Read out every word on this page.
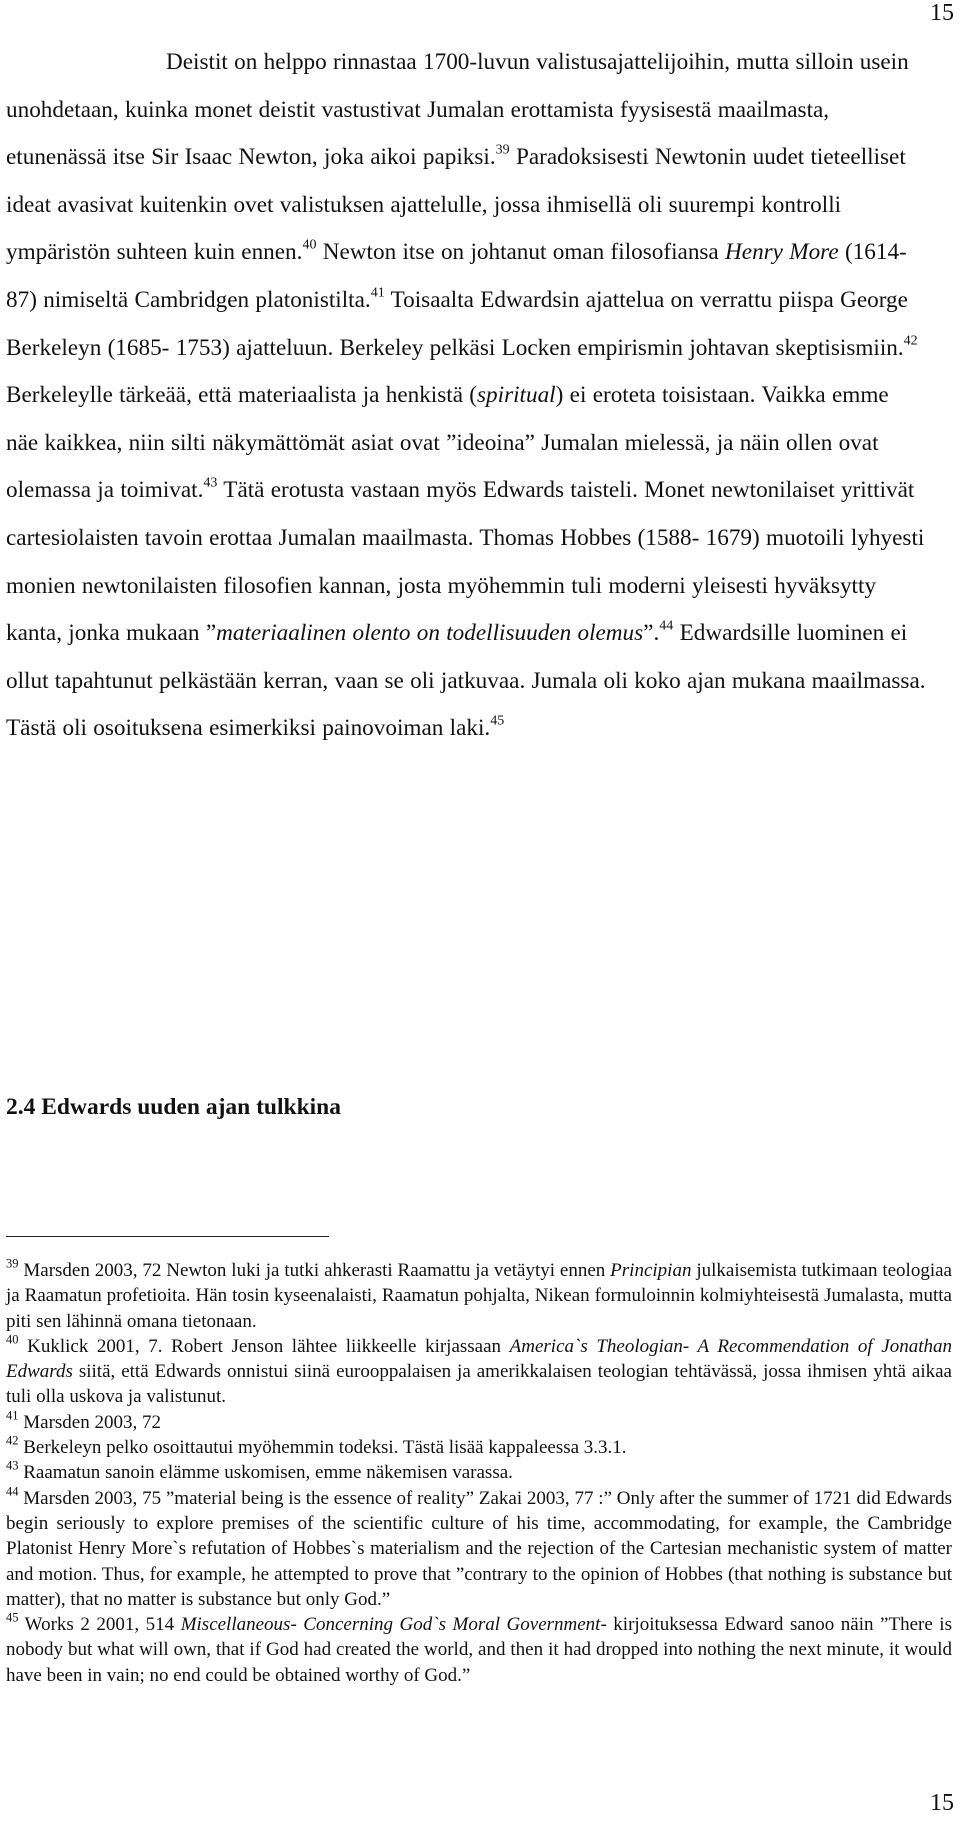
15

Deistit on helppo rinnastaa 1700-luvun valistusajattelijoihin, mutta silloin usein unohdetaan, kuinka monet deistit vastustivat Jumalan erottamista fyysisestä maailmasta, etunenässä itse Sir Isaac Newton, joka aikoi papiksi.$^{39}$ Paradoksisesti Newtonin uudet tieteelliset ideat avasivat kuitenkin ovet valistuksen ajattelulle, jossa ihmisellä oli suurempi kontrolli ympäristön suhteen kuin ennen.$^{40}$ Newton itse on johtanut oman filosofiansa Henry More (1614- 87) nimiseltä Cambridgen platonistilta.$^{41}$ Toisaalta Edwardsin ajattelua on verrattu piispa George Berkeleyn (1685- 1753) ajatteluun. Berkeley pelkäsi Locken empirismin johtavan skeptisismiin.$^{42}$ Berkeleylle tärkeää, että materiaalista ja henkistä (spiritual) ei eroteta toisistaan. Vaikka emme näe kaikkea, niin silti näkymättömät asiat ovat ”ideoina” Jumalan mielessä, ja näin ollen ovat olemassa ja toimivat.$^{43}$ Tätä erotusta vastaan myös Edwards taisteli. Monet newtonilaiset yrittivät cartesiolaisten tavoin erottaa Jumalan maailmasta. Thomas Hobbes (1588- 1679) muotoili lyhyesti monien newtonilaisten filosofien kannan, josta myöhemmin tuli moderni yleisesti hyväksytty kanta, jonka mukaan ”materiaalinen olento on todellisuuden olemus”.$^{44}$ Edwardsille luominen ei ollut tapahtunut pelkästään kerran, vaan se oli jatkuvaa. Jumala oli koko ajan mukana maailmassa. Tästä oli osoituksena esimerkiksi painovoiman laki.$^{45}$

2.4 Edwards uuden ajan tulkkina

$^{39}$ Marsden 2003, 72 Newton luki ja tutki ahkerasti Raamattu ja vetäytyi ennen Principian julkaisemista tutkimaan teologiaa ja Raamatun profetioita. Hän tosin kyseenalaisti, Raamatun pohjalta, Nikean formuloinnin kolmiyhteisestä Jumalasta, mutta piti sen lähinnä omana tietonaan.

$^{40}$ Kuklick 2001, 7. Robert Jenson lähtee liikkeelle kirjassaan America`s Theologian- A Recommendation of Jonathan Edwards siitä, että Edwards onnistui siinä eurooppalaisen ja amerikkalaisen teologian tehtävässä, jossa ihmisen yhtä aikaa tuli olla uskova ja valistunut.

$^{41}$ Marsden 2003, 72

$^{42}$ Berkeleyn pelko osoittautui myöhemmin todeksi. Tästä lisää kappaleessa 3.3.1.

$^{43}$ Raamatun sanoin elämme uskomisen, emme näkemisen varassa.

$^{44}$ Marsden 2003, 75 ”material being is the essence of reality” Zakai 2003, 77 :” Only after the summer of 1721 did Edwards begin seriously to explore premises of the scientific culture of his time, accommodating, for example, the Cambridge Platonist Henry More`s refutation of Hobbes`s materialism and the rejection of the Cartesian mechanistic system of matter and motion. Thus, for example, he attempted to prove that ”contrary to the opinion of Hobbes (that nothing is substance but matter), that no matter is substance but only God.”

$^{45}$ Works 2 2001, 514 Miscellaneous- Concerning God`s Moral Government- kirjoituksessa Edward sanoo näin ”There is nobody but what will own, that if God had created the world, and then it had dropped into nothing the next minute, it would have been in vain; no end could be obtained worthy of God.”

15
